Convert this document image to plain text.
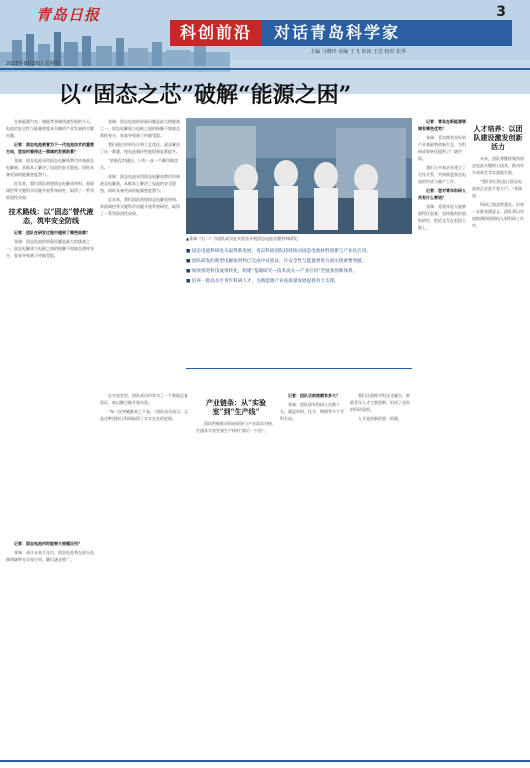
青岛日报	3
科创前沿	对话青岛科学家
主编 马晓玲 美编 于飞 审读 王芳 校对 张华
2025年8月29日 星期五
以“固态之芯”破解“能源之困”

在新能源汽车、储能等领域快速发展的今天，电池的安全性与能量密度成为制约产业发展的关键问题。

记者：固态电池被誉为下一代电池技术的重要方向，您如何看待这一领域的发展前景？

张瑞：固态电池采用固态电解质替代传统液态电解液，从根本上解决了电池的安全隐患，同时具备更高的能量密度潜力。

近年来，我们团队围绕固态电解质材料、界面调控等关键科学问题开展系统研究，取得了一系列原创性成果。

技术路线：以“固态”替代液态，筑牢安全防线

记者：团队在研发过程中遇到了哪些困难？

张瑞：固态电池的界面问题是最大的挑战之一。固态电解质与电极之间的接触不如液态那样充分，容易导致离子传输受阻。

张瑞：固态电池的界面问题是最大的挑战之一。固态电解质与电极之间的接触不如液态那样充分，容易导致离子传输受阻。

我们通过材料设计和工艺优化，逐步解决了这一难题，使电池循环性能得到显著提升。

“创新没有捷径，只有一步一个脚印地攻关。”

张瑞：固态电池采用固态电解质替代传统液态电解液，从根本上解决了电池的安全隐患，同时具备更高的能量密度潜力。

近年来，我们团队围绕固态电解质材料、界面调控等关键科学问题开展系统研究，取得了一系列原创性成果。

▲张瑞（右二）与团队成员在实验室开展固态电池关键材料研发。

■ 固态电池科研攻关取得新进展，青岛科研团队持续推动固态电池材料创新与产业化应用。

■ 团队研发的新型电解质材料已完成中试验证，在安全性与能量密度方面实现重要突破。

■ 加快推进科技成果转化，构建“基础研究—技术攻关—产业应用”全链条创新体系。

■ 培养一批高水平青年科研人才，为新能源产业高质量发展提供有力支撑。

记者：青岛在新能源领域有哪些优势？

张瑞：青岛拥有良好的产业基础和创新生态，为科研成果转化提供了广阔空间。

我们与多家企业建立了合作关系，共同推进固态电池的中试与量产工作。

记者：您对青年科研人员有什么寄语？

张瑞：希望年轻人能够耐得住寂寞，坚持做有价值的研究，把论文写在祖国大地上。

人才培养：以团队建设激发创新活力

未来，团队将继续聚焦固态电池关键核心技术，推动更多成果在青岛落地生根。

“我们的目标是让固态电池真正走进千家万户。”张瑞说。

科研之路虽然漫长，但每一步都充满意义。团队将以更加饱满的热情投入到科研工作中。

记者：固态电池何时能够大规模应用？

张瑞：预计未来几年内，固态电池将在部分高端领域率先实现应用，随后逐步推广。

在实验室里，团队成员经常为了一个数据反复验证，夜以继日地开展实验。

“每一次突破都来之不易。”团队成员表示，正是这种坚持让科研取得了实实在在的进展。

产业链条：从“实验室”到“生产线”

团队积极推动科研成果与产业需求对接，打通从实验室到生产线的“最后一公里”。

记者：团队目前规模有多大？

张瑞：团队现有科研人员数十名，涵盖材料、化学、物理等多个学科方向。

我们注重跨学科交叉融合，鼓励青年人才大胆创新，形成了良好的科研氛围。

人才是创新的第一资源。
